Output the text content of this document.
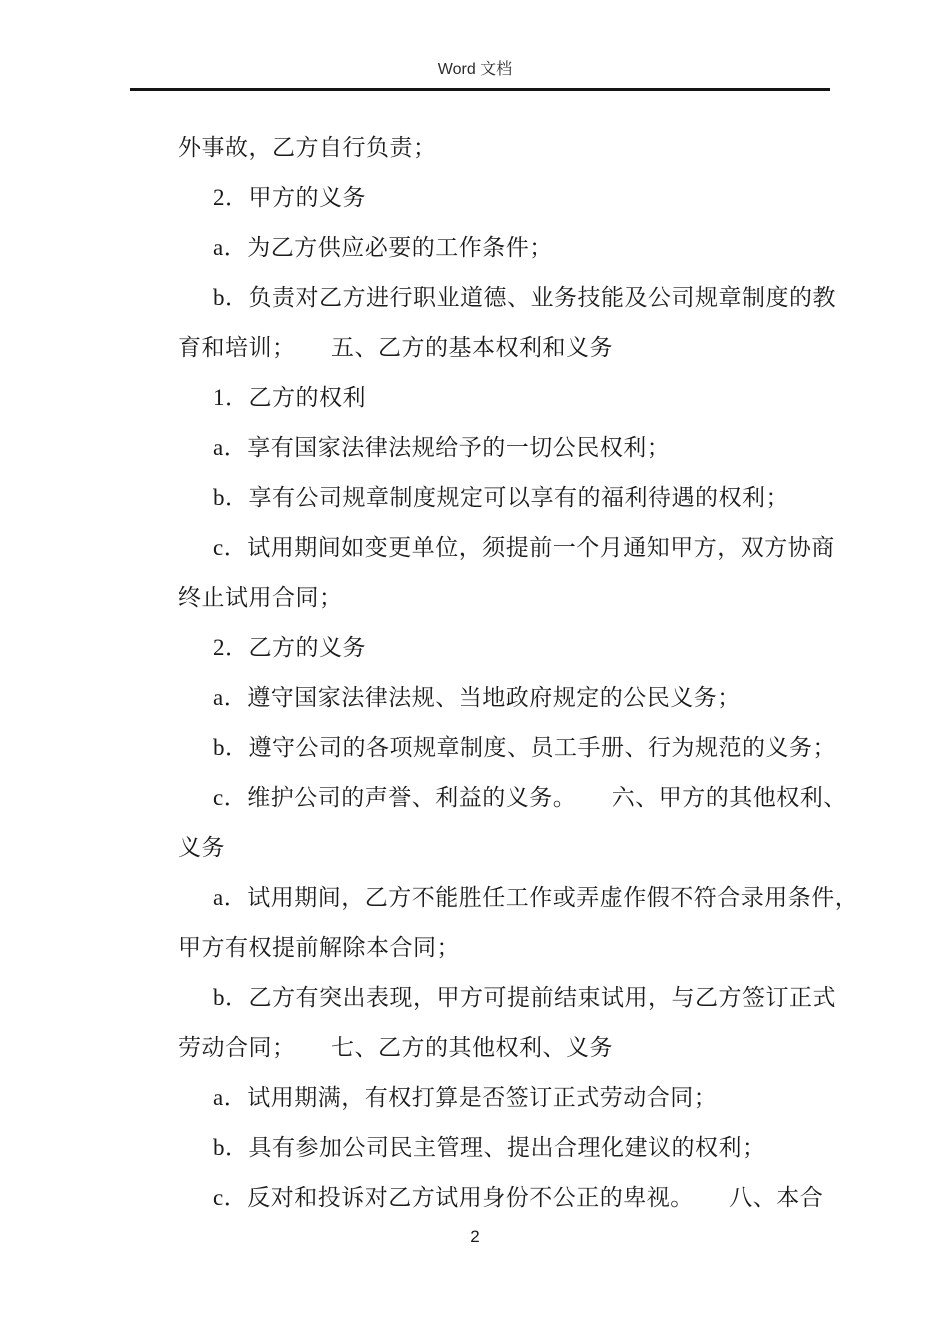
Word 文档
外事故，乙方自行负责；
2．甲方的义务
a．为乙方供应必要的工作条件；
b．负责对乙方进行职业道德、业务技能及公司规章制度的教
育和培训；　　五、乙方的基本权利和义务
1．乙方的权利
a．享有国家法律法规给予的一切公民权利；
b．享有公司规章制度规定可以享有的福利待遇的权利；
c．试用期间如变更单位，须提前一个月通知甲方，双方协商
终止试用合同；
2．乙方的义务
a．遵守国家法律法规、当地政府规定的公民义务；
b．遵守公司的各项规章制度、员工手册、行为规范的义务；
c．维护公司的声誉、利益的义务。　　六、甲方的其他权利、
义务
a．试用期间，乙方不能胜任工作或弄虚作假不符合录用条件，
甲方有权提前解除本合同；
b．乙方有突出表现，甲方可提前结束试用，与乙方签订正式
劳动合同；　　七、乙方的其他权利、义务
a．试用期满，有权打算是否签订正式劳动合同；
b．具有参加公司民主管理、提出合理化建议的权利；
c．反对和投诉对乙方试用身份不公正的卑视。　　八、本合
2
